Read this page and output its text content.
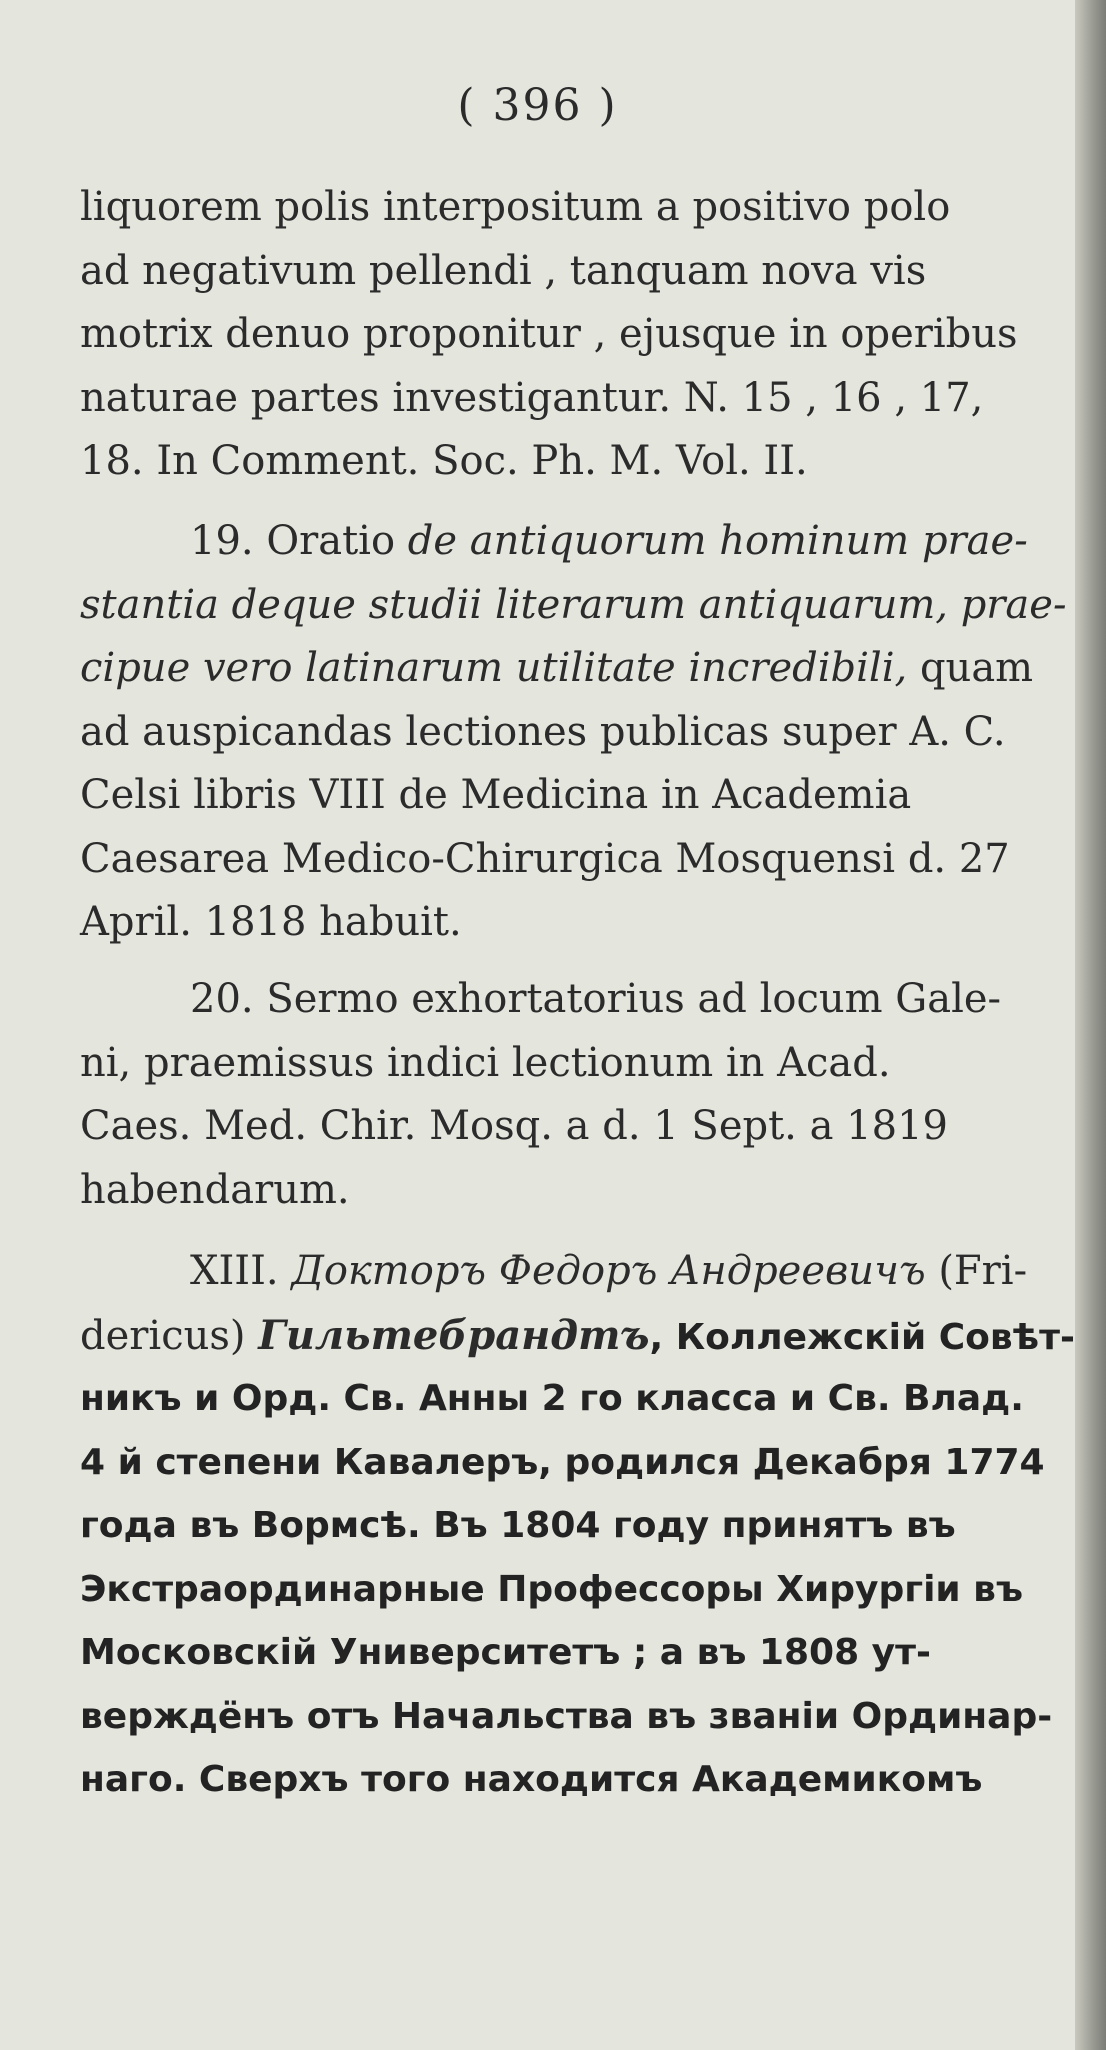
( 396 )
liquorem polis interpositum a positivo polo
ad negativum pellendi , tanquam nova vis
motrix denuo proponitur , ejusque in operibus
naturae partes investigantur. N. 15 , 16 , 17,
18. In Comment. Soc. Ph. M. Vol. II.
19. Oratio de antiquorum hominum prae-
stantia deque studii literarum antiquarum, prae-
cipue vero latinarum utilitate incredibili, quam
ad auspicandas lectiones publicas super A. C.
Celsi libris VIII de Medicina in Academia
Caesarea Medico-Chirurgica Mosquensi d. 27
April. 1818 habuit.
20. Sermo exhortatorius ad locum Gale-
ni, praemissus indici lectionum in Acad.
Caes. Med. Chir. Mosq. a d. 1 Sept. a 1819
habendarum.
XIII. Докторъ Федоръ Андреевичъ (Fri-
dericus) Гильтебрандтъ, Коллежскій Совѣт-
никъ и Орд. Св. Анны 2 го класса и Св. Влад.
4 й степени Кавалеръ, родился Декабря 1774
года въ Вормсѣ. Въ 1804 году принятъ въ
Экстраординарные Профессоры Хирургіи въ
Московскій Университетъ ; а въ 1808 ут-
верждёнъ отъ Начальства въ званіи Ординар-
наго. Сверхъ того находится Академикомъ
